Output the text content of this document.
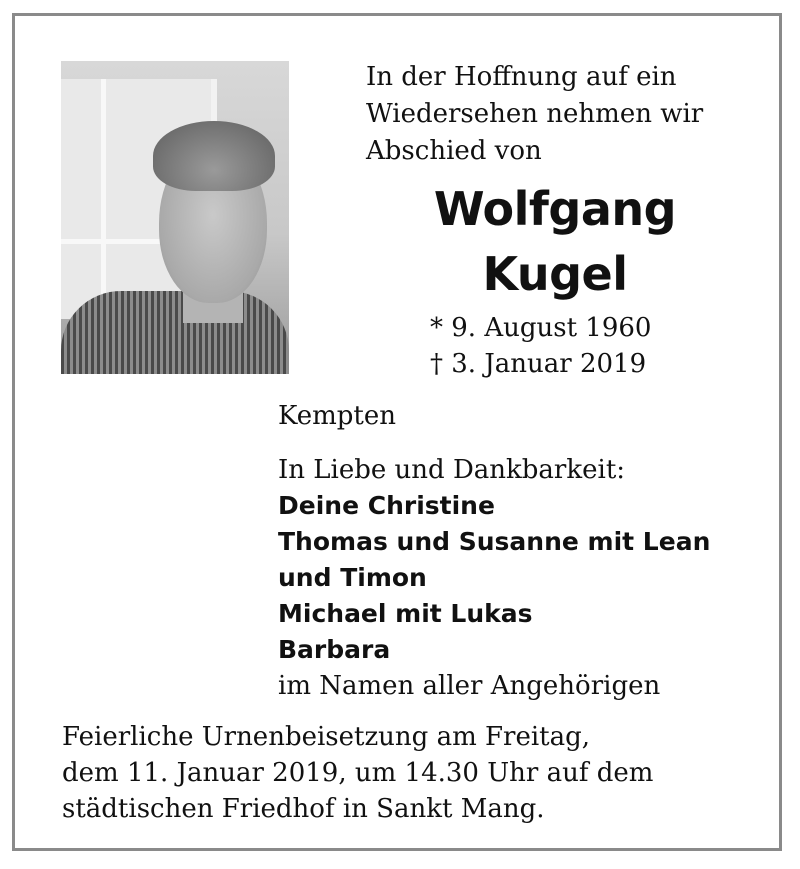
In der Hoffnung auf ein
Wiedersehen nehmen wir
Abschied von
Wolfgang
Kugel
* 9. August 1960
† 3. Januar 2019
Kempten
In Liebe und Dankbarkeit:
Deine Christine
Thomas und Susanne mit Lean
und Timon
Michael mit Lukas
Barbara
im Namen aller Angehörigen
Feierliche Urnenbeisetzung am Freitag,
dem 11. Januar 2019, um 14.30 Uhr auf dem
städtischen Friedhof in Sankt Mang.
